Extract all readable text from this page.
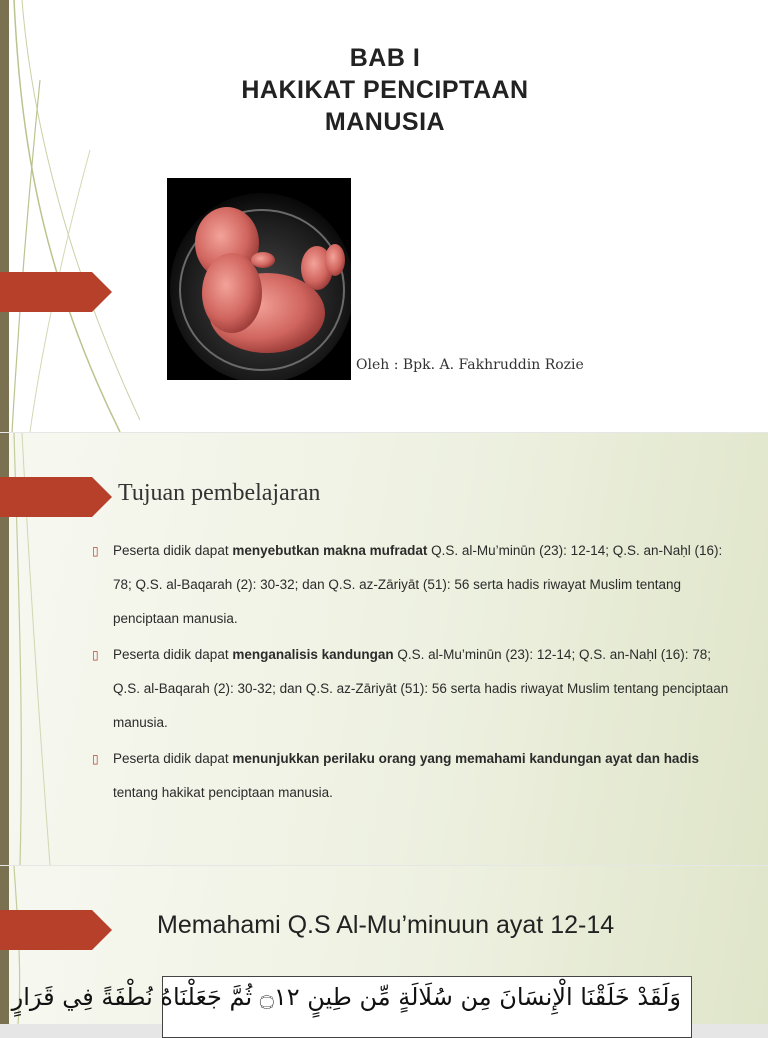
BAB I
HAKIKAT PENCIPTAAN
MANUSIA
Oleh : Bpk. A. Fakhruddin Rozie
Tujuan pembelajaran
▯ Peserta didik dapat menyebutkan makna mufradat Q.S. al-Mu’minūn (23): 12-14; Q.S. an-Naḥl (16): 78; Q.S. al-Baqarah (2): 30-32; dan Q.S. az-Zāriyāt (51): 56 serta hadis riwayat Muslim tentang penciptaan manusia.
▯ Peserta didik dapat menganalisis kandungan Q.S. al-Mu’minūn (23): 12-14; Q.S. an-Naḥl (16): 78; Q.S. al-Baqarah (2): 30-32; dan Q.S. az-Zāriyāt (51): 56 serta hadis riwayat Muslim tentang penciptaan manusia.
▯ Peserta didik dapat menunjukkan perilaku orang yang memahami kandungan ayat dan hadis tentang hakikat penciptaan manusia.
Memahami Q.S Al-Mu’minuun ayat 12-14
وَلَقَدْ خَلَقْنَا الْإِنسَانَ مِن سُلَالَةٍ مِّن طِينٍ ۝١٢ ثُمَّ جَعَلْنَاهُ نُطْفَةً فِي قَرَارٍ
